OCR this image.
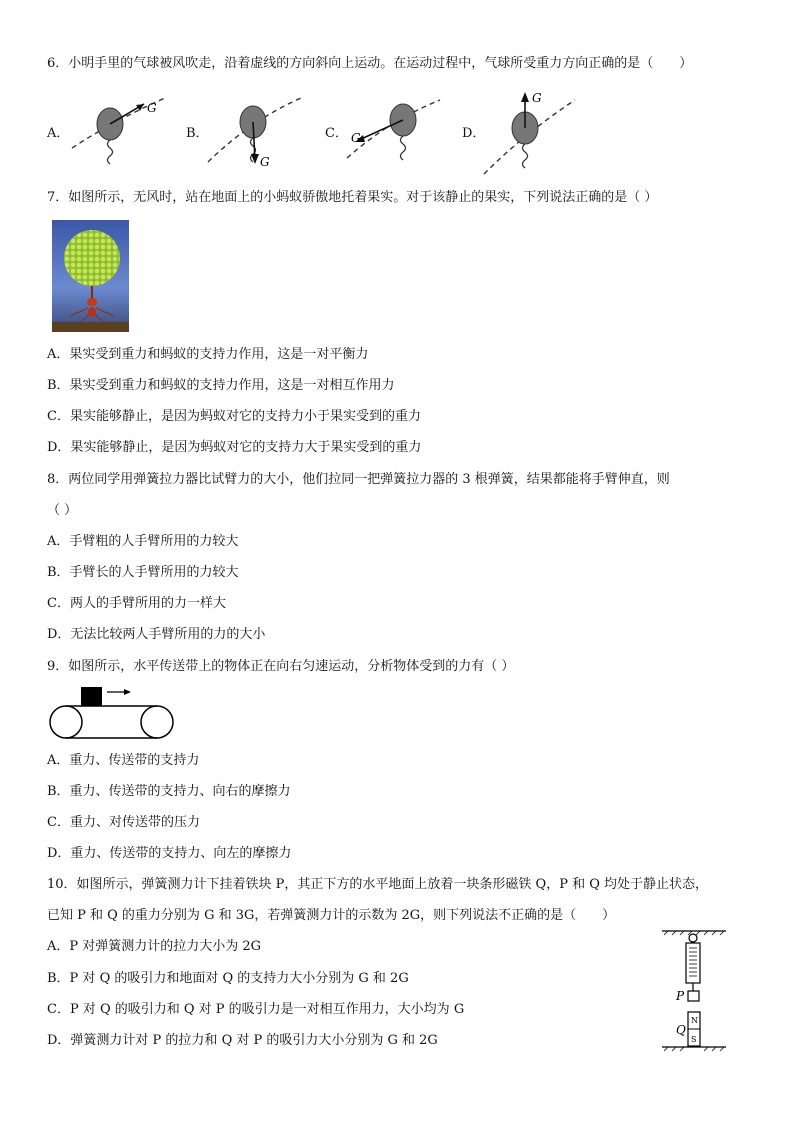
6．小明手里的气球被风吹走，沿着虚线的方向斜向上运动。在运动过程中，气球所受重力方向正确的是（　　）
A．
G
B．
G
C． G	D．
G
7．如图所示，无风时，站在地面上的小蚂蚁骄傲地托着果实。对于该静止的果实，下列说法正确的是（ ）
A．果实受到重力和蚂蚁的支持力作用，这是一对平衡力
B．果实受到重力和蚂蚁的支持力作用，这是一对相互作用力
C．果实能够静止，是因为蚂蚁对它的支持力小于果实受到的重力
D．果实能够静止，是因为蚂蚁对它的支持力大于果实受到的重力
8．两位同学用弹簧拉力器比试臂力的大小，他们拉同一把弹簧拉力器的 3 根弹簧，结果都能将手臂伸直，则
（ ）
A．手臂粗的人手臂所用的力较大
B．手臂长的人手臂所用的力较大
C．两人的手臂所用的力一样大
D．无法比较两人手臂所用的力的大小
9．如图所示，水平传送带上的物体正在向右匀速运动，分析物体受到的力有（ ）
A．重力、传送带的支持力
B．重力、传送带的支持力、向右的摩擦力
C．重力、对传送带的压力
D．重力、传送带的支持力、向左的摩擦力
10．如图所示，弹簧测力计下挂着铁块 P，其正下方的水平地面上放着一块条形磁铁 Q，P 和 Q 均处于静止状态，
已知 P 和 Q 的重力分别为 G 和 3G，若弹簧测力计的示数为 2G，则下列说法不正确的是（　　）
A．P 对弹簧测力计的拉力大小为 2G
B．P 对 Q 的吸引力和地面对 Q 的支持力大小分别为 G 和 2G
C．P 对 Q 的吸引力和 Q 对 P 的吸引力是一对相互作用力，大小均为 G
D．弹簧测力计对 P 的拉力和 Q 对 P 的吸引力大小分别为 G 和 2G
P
N
S
Q
